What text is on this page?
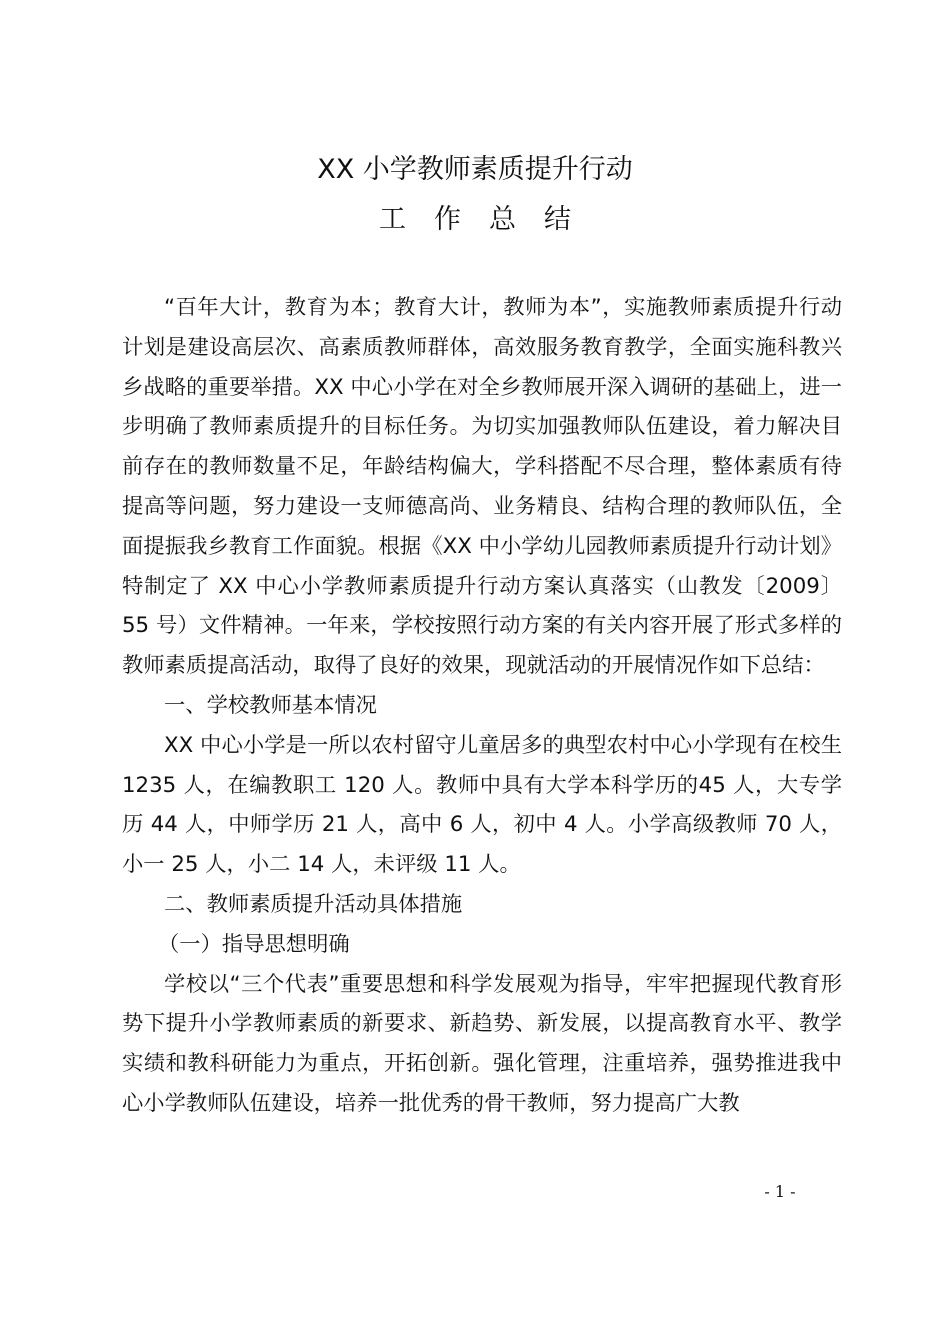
XX 小学教师素质提升行动
工作总结

“百年大计，教育为本；教育大计，教师为本”，实施教师素质提升行动计划是建设高层次、高素质教师群体，高效服务教育教学，全面实施科教兴乡战略的重要举措。XX 中心小学在对全乡教师展开深入调研的基础上，进一步明确了教师素质提升的目标任务。为切实加强教师队伍建设，着力解决目前存在的教师数量不足，年龄结构偏大，学科搭配不尽合理，整体素质有待提高等问题，努力建设一支师德高尚、业务精良、结构合理的教师队伍，全面提振我乡教育工作面貌。根据《XX 中小学幼儿园教师素质提升行动计划》特制定了 XX 中心小学教师素质提升行动方案认真落实（山教发〔2009〕55 号）文件精神。一年来，学校按照行动方案的有关内容开展了形式多样的教师素质提高活动，取得了良好的效果，现就活动的开展情况作如下总结：

一、学校教师基本情况

XX 中心小学是一所以农村留守儿童居多的典型农村中心小学现有在校生 1235 人，在编教职工 120 人。教师中具有大学本科学历的45 人，大专学历 44 人，中师学历 21 人，高中 6 人，初中 4 人。小学高级教师 70 人，小一 25 人，小二 14 人，未评级 11 人。

二、教师素质提升活动具体措施

（一）指导思想明确

学校以“三个代表”重要思想和科学发展观为指导，牢牢把握现代教育形势下提升小学教师素质的新要求、新趋势、新发展，以提高教育水平、教学实绩和教科研能力为重点，开拓创新。强化管理，注重培养，强势推进我中心小学教师队伍建设，培养一批优秀的骨干教师，努力提高广大教

- 1 -
